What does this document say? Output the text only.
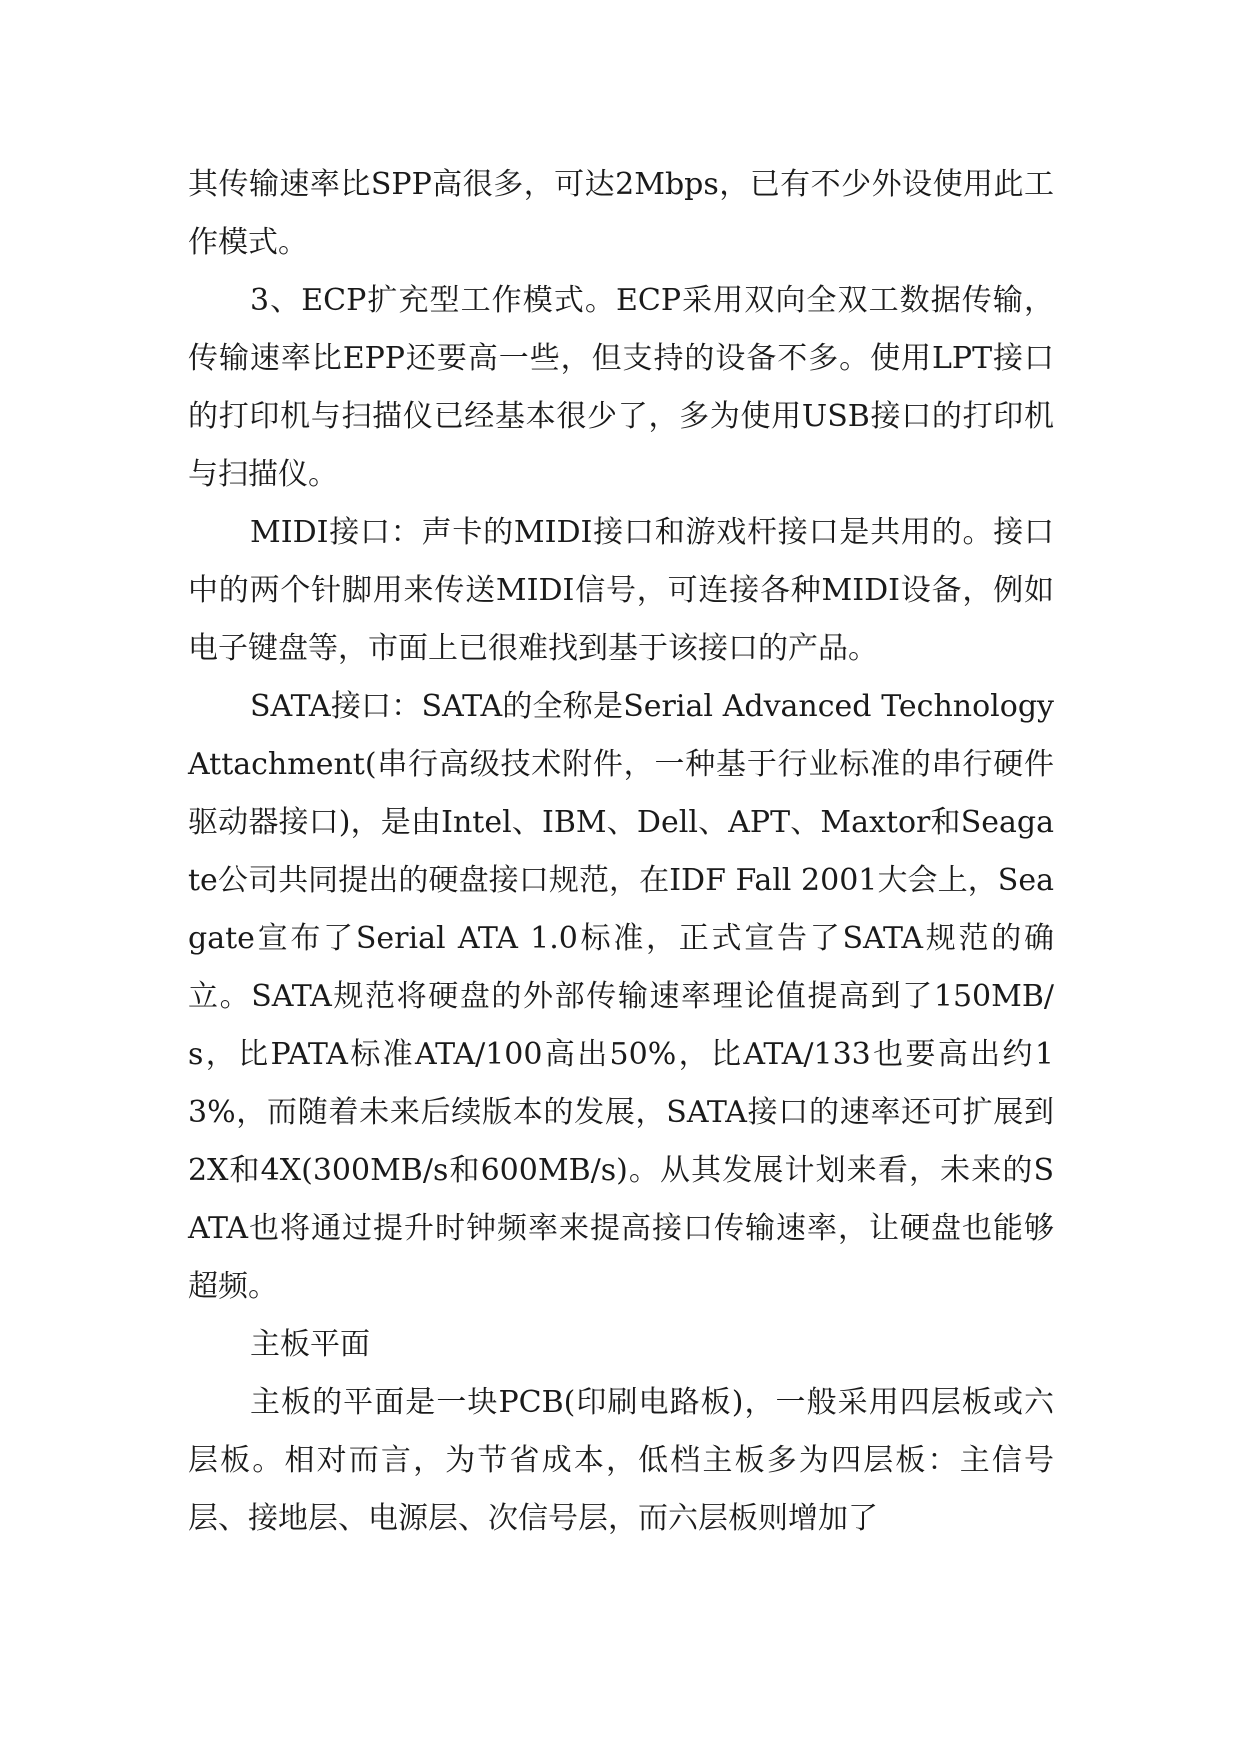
其传输速率比SPP高很多，可达2Mbps，已有不少外设使用此工作模式。

3、ECP扩充型工作模式。ECP采用双向全双工数据传输，传输速率比EPP还要高一些，但支持的设备不多。使用LPT接口的打印机与扫描仪已经基本很少了，多为使用USB接口的打印机与扫描仪。

MIDI接口：声卡的MIDI接口和游戏杆接口是共用的。接口中的两个针脚用来传送MIDI信号，可连接各种MIDI设备，例如电子键盘等，市面上已很难找到基于该接口的产品。

SATA接口：SATA的全称是Serial Advanced Technology Attachment(串行高级技术附件，一种基于行业标准的串行硬件驱动器接口)，是由Intel、IBM、Dell、APT、Maxtor和Seagate公司共同提出的硬盘接口规范，在IDF Fall 2001大会上，Seagate宣布了Serial ATA 1.0标准，正式宣告了SATA规范的确立。SATA规范将硬盘的外部传输速率理论值提高到了150MB/s，比PATA标准ATA/100高出50%，比ATA/133也要高出约13%，而随着未来后续版本的发展，SATA接口的速率还可扩展到2X和4X(300MB/s和600MB/s)。从其发展计划来看，未来的SATA也将通过提升时钟频率来提高接口传输速率，让硬盘也能够超频。

主板平面

主板的平面是一块PCB(印刷电路板)，一般采用四层板或六层板。相对而言，为节省成本，低档主板多为四层板：主信号层、接地层、电源层、次信号层，而六层板则增加了
